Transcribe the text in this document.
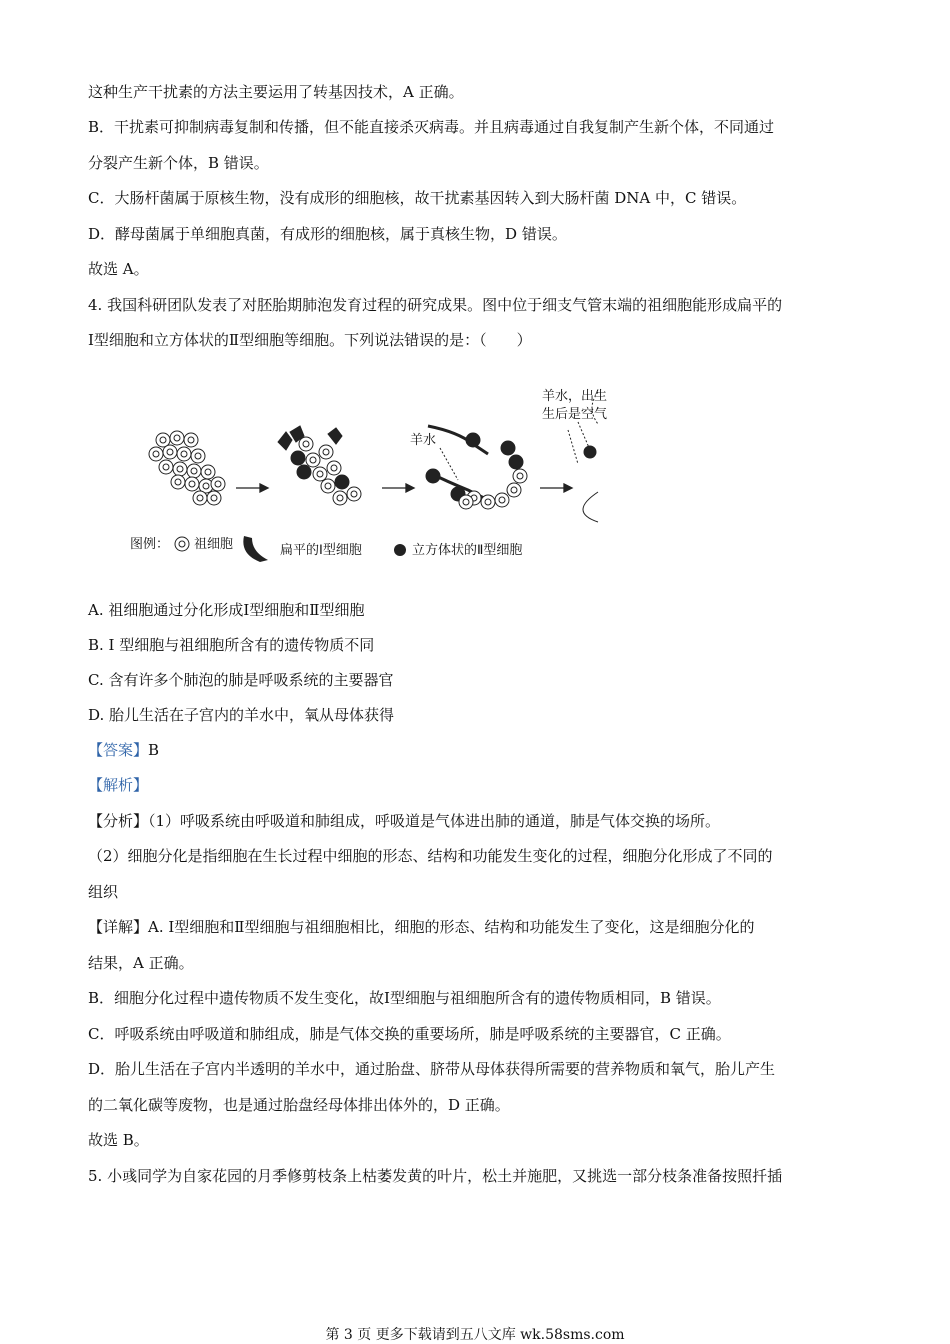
这种生产干扰素的方法主要运用了转基因技术，A 正确。
B．干扰素可抑制病毒复制和传播，但不能直接杀灭病毒。并且病毒通过自我复制产生新个体，不同通过
分裂产生新个体，B 错误。
C．大肠杆菌属于原核生物，没有成形的细胞核，故干扰素基因转入到大肠杆菌 DNA 中，C 错误。
D．酵母菌属于单细胞真菌，有成形的细胞核，属于真核生物，D 错误。
故选 A。
4. 我国科研团队发表了对胚胎期肺泡发育过程的研究成果。图中位于细支气管末端的祖细胞能形成扁平的
Ⅰ型细胞和立方体状的Ⅱ型细胞等细胞。下列说法错误的是：（　　）
羊水
羊水，出生
生后是空气
图例： 祖细胞	扁平的Ⅰ型细胞	立方体状的Ⅱ型细胞
A. 祖细胞通过分化形成Ⅰ型细胞和Ⅱ型细胞
B. Ⅰ 型细胞与祖细胞所含有的遗传物质不同
C. 含有许多个肺泡的肺是呼吸系统的主要器官
D. 胎儿生活在子宫内的羊水中，氧从母体获得
【答案】B
【解析】
【分析】（1）呼吸系统由呼吸道和肺组成，呼吸道是气体进出肺的通道，肺是气体交换的场所。
（2）细胞分化是指细胞在生长过程中细胞的形态、结构和功能发生变化的过程，细胞分化形成了不同的
组织
【详解】A. Ⅰ型细胞和Ⅱ型细胞与祖细胞相比，细胞的形态、结构和功能发生了变化，这是细胞分化的
结果，A 正确。
B．细胞分化过程中遗传物质不发生变化，故Ⅰ型细胞与祖细胞所含有的遗传物质相同，B 错误。
C．呼吸系统由呼吸道和肺组成，肺是气体交换的重要场所，肺是呼吸系统的主要器官，C 正确。
D．胎儿生活在子宫内半透明的羊水中，通过胎盘、脐带从母体获得所需要的营养物质和氧气，胎儿产生
的二氧化碳等废物，也是通过胎盘经母体排出体外的，D 正确。
故选 B。
5. 小彧同学为自家花园的月季修剪枝条上枯萎发黄的叶片，松土并施肥，又挑选一部分枝条准备按照扦插
第 3 页 更多下载请到五八文库 wk.58sms.com
